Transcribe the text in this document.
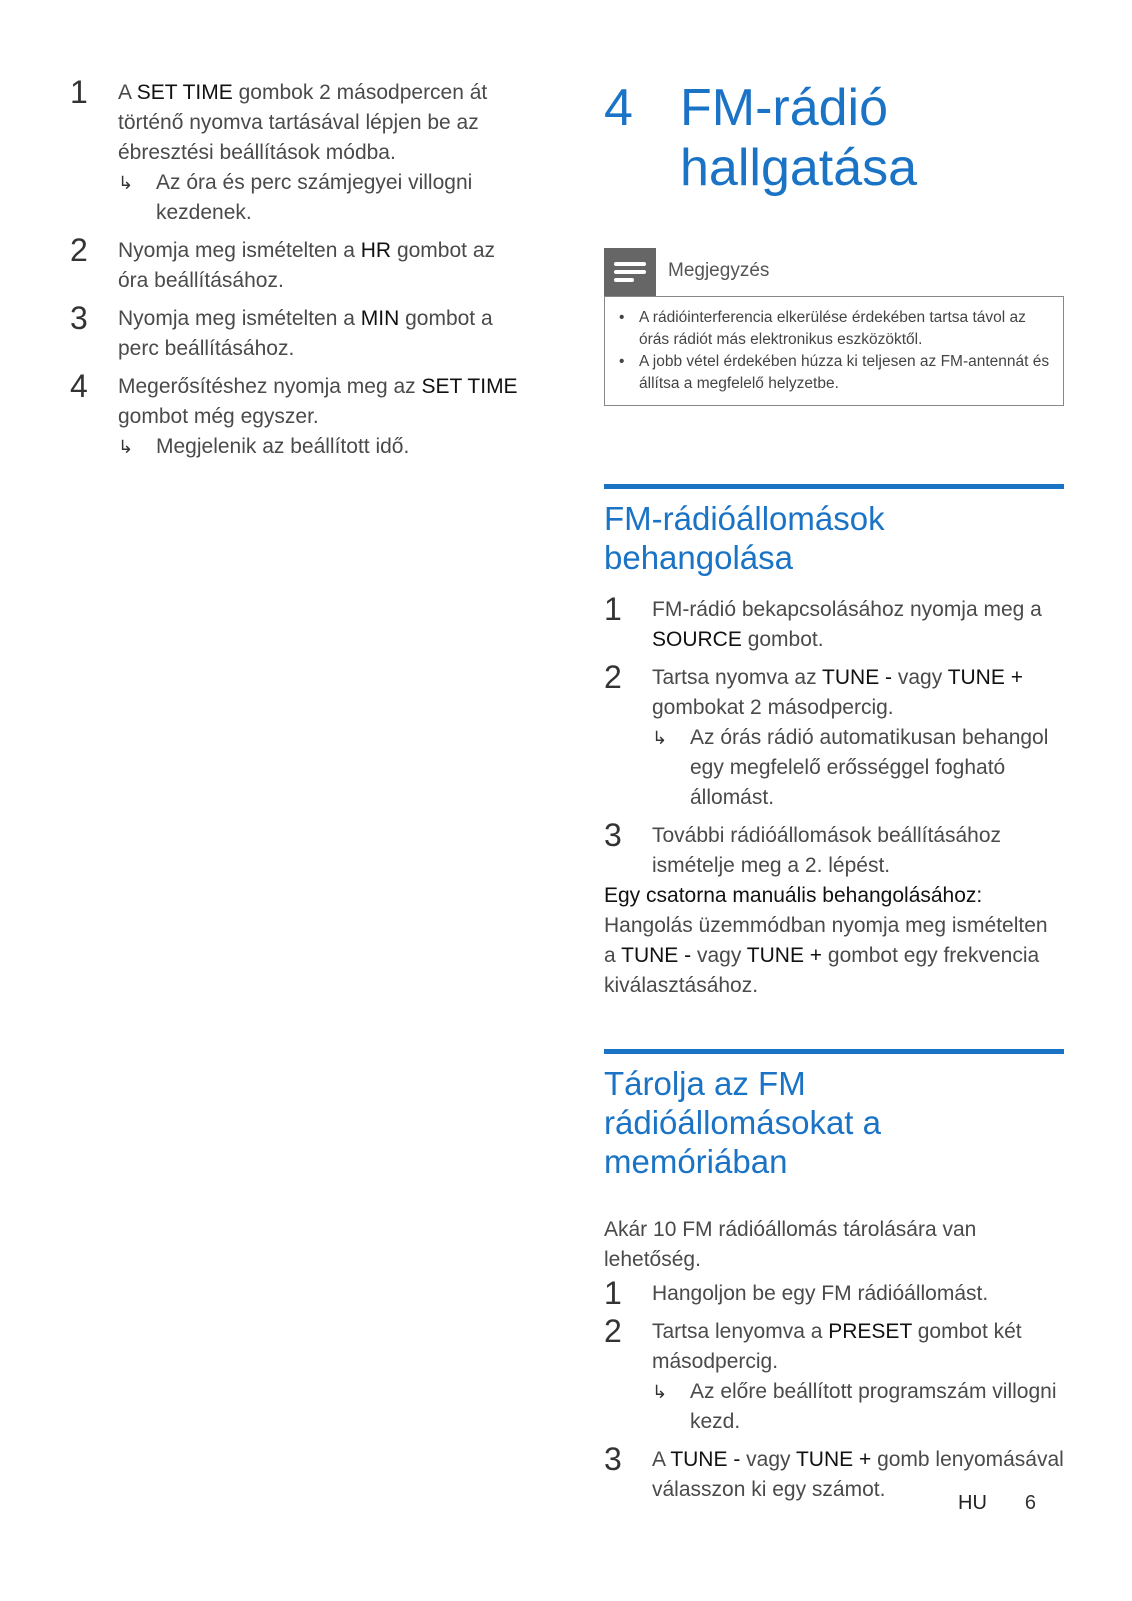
1 A SET TIME gombok 2 másodpercen át történő nyomva tartásával lépjen be az ébresztési beállítások módba.

↳ Az óra és perc számjegyei villogni kezdenek.
2 Nyomja meg ismételten a HR gombot az óra beállításához.

3 Nyomja meg ismételten a MIN gombot a perc beállításához.

4 Megerősítéshez nyomja meg az SET TIME gombot még egyszer.

↳ Megjelenik az beállított idő.
4 FM-rádió hallgatása
Megjegyzés
• A rádióinterferencia elkerülése érdekében tartsa távol az órás rádiót más elektronikus eszközöktől.
• A jobb vétel érdekében húzza ki teljesen az FM-antennát és állítsa a megfelelő helyzetbe.
FM-rádióállomások behangolása
1 FM-rádió bekapcsolásához nyomja meg a SOURCE gombot.

2 Tartsa nyomva az TUNE - vagy TUNE + gombokat 2 másodpercig.

↳ Az órás rádió automatikusan behangol egy megfelelő erősséggel fogható állomást.
3 További rádióállomások beállításához ismételje meg a 2. lépést.

Egy csatorna manuális behangolásához:

Hangolás üzemmódban nyomja meg ismételten a TUNE - vagy TUNE + gombot egy frekvencia kiválasztásához.

Tárolja az FM rádióállomásokat a memóriában

Akár 10 FM rádióállomás tárolására van lehetőség.

1 Hangoljon be egy FM rádióállomást.

2 Tartsa lenyomva a PRESET gombot két másodpercig.

↳ Az előre beállított programszám villogni kezd.
3 A TUNE - vagy TUNE + gomb lenyomásával válasszon ki egy számot.

HU 6
